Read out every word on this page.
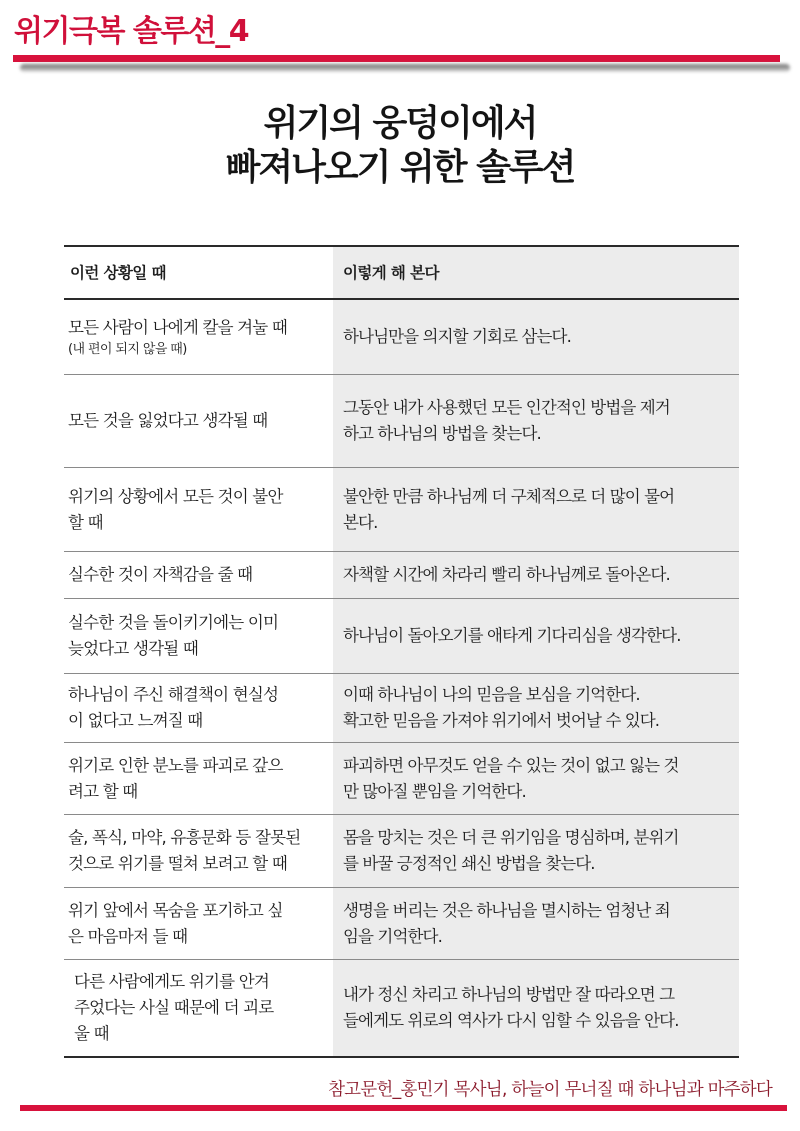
위기극복 솔루션_4
위기의 웅덩이에서
빠져나오기 위한 솔루션
이런 상황일 때	이렇게 해 본다
모든 사람이 나에게 칼을 겨눌 때
(내 편이 되지 않을 때)
하나님만을 의지할 기회로 삼는다.
모든 것을 잃었다고 생각될 때
그동안 내가 사용했던 모든 인간적인 방법을 제거
하고 하나님의 방법을 찾는다.
위기의 상황에서 모든 것이 불안
할 때
불안한 만큼 하나님께 더 구체적으로 더 많이 물어
본다.
실수한 것이 자책감을 줄 때	자책할 시간에 차라리 빨리 하나님께로 돌아온다.
실수한 것을 돌이키기에는 이미
늦었다고 생각될 때
하나님이 돌아오기를 애타게 기다리심을 생각한다.
하나님이 주신 해결책이 현실성
이 없다고 느껴질 때
이때 하나님이 나의 믿음을 보심을 기억한다.
확고한 믿음을 가져야 위기에서 벗어날 수 있다.
위기로 인한 분노를 파괴로 갚으
려고 할 때
파괴하면 아무것도 얻을 수 있는 것이 없고 잃는 것
만 많아질 뿐임을 기억한다.
술, 폭식, 마약, 유흥문화 등 잘못된
것으로 위기를 떨쳐 보려고 할 때
몸을 망치는 것은 더 큰 위기임을 명심하며, 분위기
를 바꿀 긍정적인 쇄신 방법을 찾는다.
위기 앞에서 목숨을 포기하고 싶
은 마음마저 들 때
생명을 버리는 것은 하나님을 멸시하는 엄청난 죄
임을 기억한다.
다른 사람에게도 위기를 안겨
주었다는 사실 때문에 더 괴로
울 때
내가 정신 차리고 하나님의 방법만 잘 따라오면 그
들에게도 위로의 역사가 다시 임할 수 있음을 안다.
참고문헌_홍민기 목사님, 하늘이 무너질 때 하나님과 마주하다
